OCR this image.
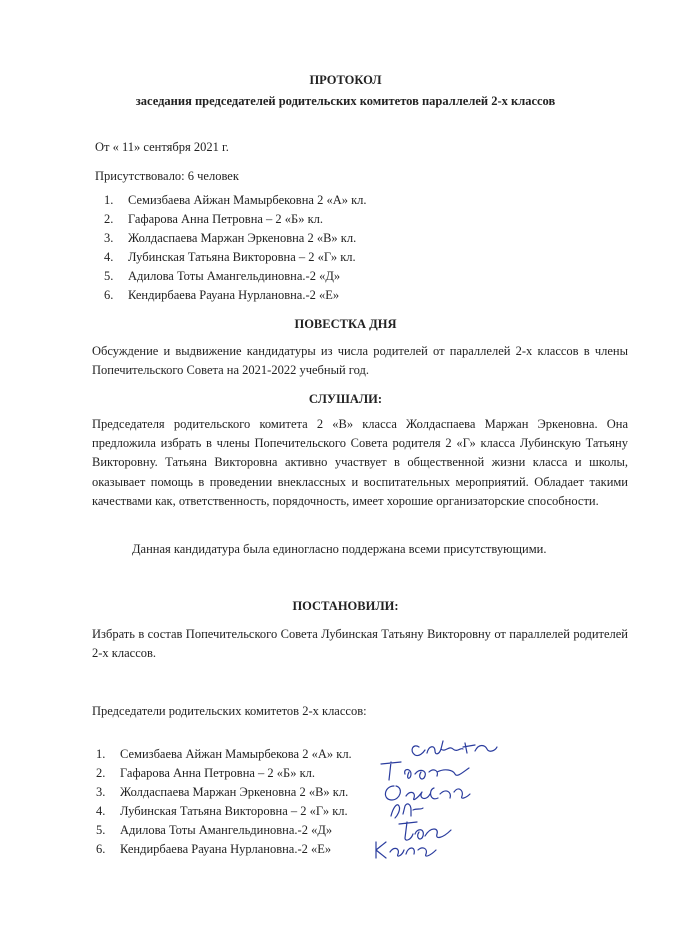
ПРОТОКОЛ

заседания председателей родительских комитетов параллелей 2-х классов

От « 11» сентября 2021 г.

Присутствовало: 6 человек

1. Семизбаева Айжан Мамырбековна 2 «А» кл.
2. Гафарова Анна Петровна – 2 «Б» кл.
3. Жолдаспаева Маржан Эркеновна 2 «В» кл.
4. Лубинская Татьяна Викторовна – 2 «Г» кл.
5. Адилова Тоты Амангельдиновна.-2 «Д»
6. Кендирбаева Рауана Нурлановна.-2 «Е»

ПОВЕСТКА ДНЯ

Обсуждение и выдвижение кандидатуры из числа родителей от параллелей 2-х классов в члены Попечительского Совета на 2021-2022 учебный год.

СЛУШАЛИ:

Председателя родительского комитета 2 «В» класса Жолдаспаева Маржан Эркеновна. Она предложила избрать в члены Попечительского Совета родителя 2 «Г» класса Лубинскую Татьяну Викторовну. Татьяна Викторовна активно участвует в общественной жизни класса и школы, оказывает помощь в проведении внеклассных и воспитательных мероприятий. Обладает такими качествами как, ответственность, порядочность, имеет хорошие организаторские способности.

Данная кандидатура была единогласно поддержана всеми присутствующими.

ПОСТАНОВИЛИ:

Избрать в состав Попечительского Совета Лубинская Татьяну Викторовну от параллелей родителей 2-х классов.

Председатели родительских комитетов 2-х классов:

1. Семизбаева Айжан Мамырбекова 2 «А» кл.
2. Гафарова Анна Петровна – 2 «Б» кл.
3. Жолдаспаева Маржан Эркеновна 2 «В» кл.
4. Лубинская Татьяна Викторовна – 2 «Г» кл.
5. Адилова Тоты Амангельдиновна.-2 «Д»
6. Кендирбаева Рауана Нурлановна.-2 «Е»
